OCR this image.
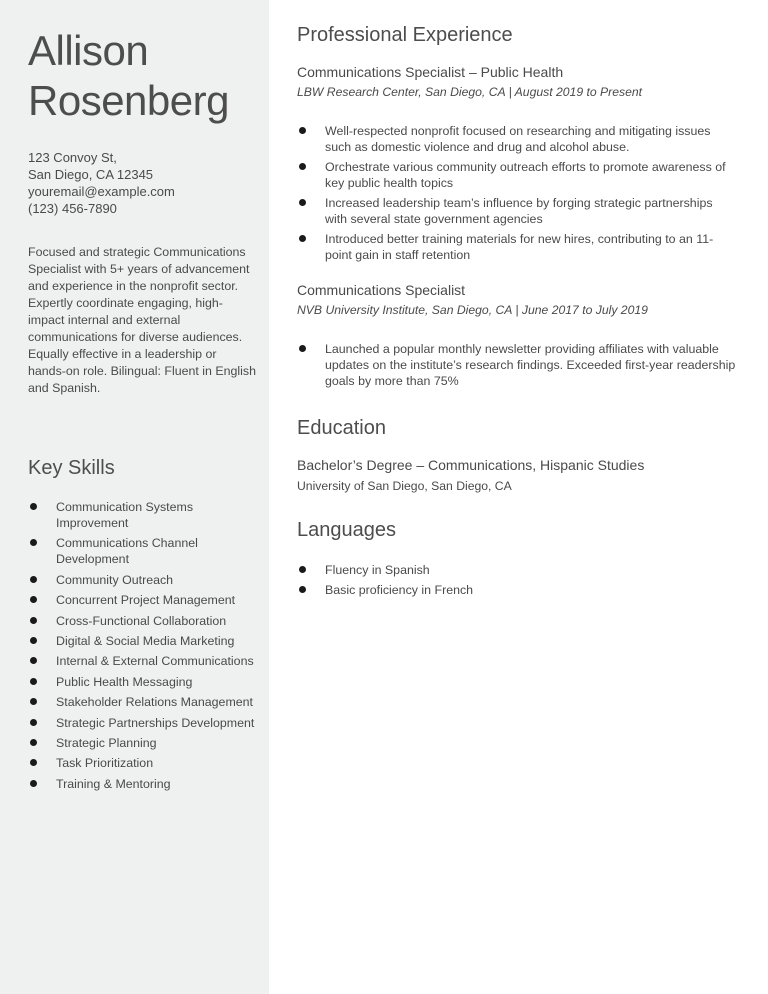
Allison
Rosenberg
123 Convoy St,
San Diego, CA 12345
youremail@example.com
(123) 456-7890
Focused and strategic Communications Specialist with 5+ years of advancement and experience in the nonprofit sector. Expertly coordinate engaging, high-impact internal and external communications for diverse audiences. Equally effective in a leadership or hands-on role. Bilingual: Fluent in English and Spanish.
Key Skills
Communication Systems Improvement
Communications Channel Development
Community Outreach
Concurrent Project Management
Cross-Functional Collaboration
Digital & Social Media Marketing
Internal & External Communications
Public Health Messaging
Stakeholder Relations Management
Strategic Partnerships Development
Strategic Planning
Task Prioritization
Training & Mentoring
Professional Experience
Communications Specialist – Public Health
LBW Research Center, San Diego, CA | August 2019 to Present
Well-respected nonprofit focused on researching and mitigating issues such as domestic violence and drug and alcohol abuse.
Orchestrate various community outreach efforts to promote awareness of key public health topics
Increased leadership team’s influence by forging strategic partnerships with several state government agencies
Introduced better training materials for new hires, contributing to an 11-point gain in staff retention
Communications Specialist
NVB University Institute, San Diego, CA | June 2017 to July 2019
Launched a popular monthly newsletter providing affiliates with valuable updates on the institute’s research findings. Exceeded first-year readership goals by more than 75%
Education
Bachelor’s Degree – Communications, Hispanic Studies
University of San Diego, San Diego, CA
Languages
Fluency in Spanish
Basic proficiency in French
